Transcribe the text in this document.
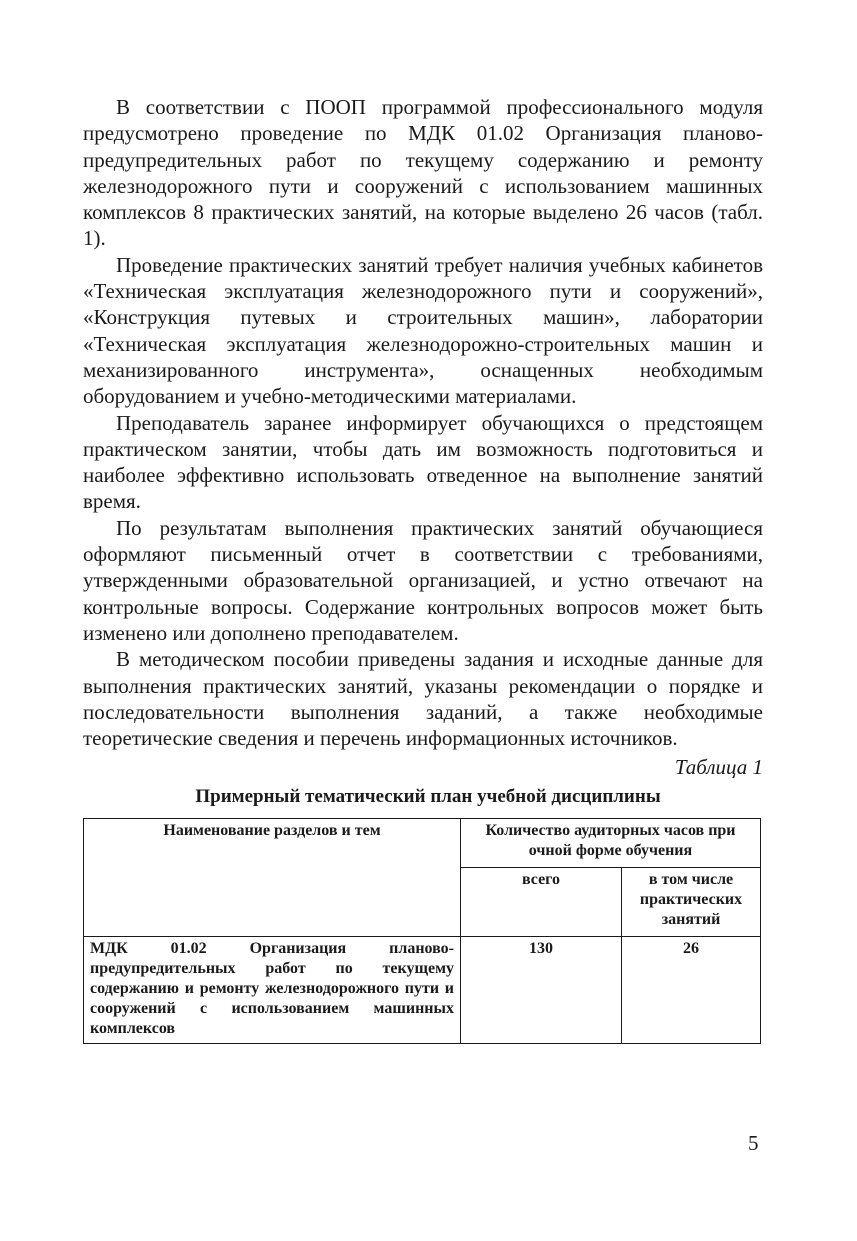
В соответствии с ПООП программой профессионального модуля предусмотрено проведение по МДК 01.02 Организация планово-предупредительных работ по текущему содержанию и ремонту железнодорожного пути и сооружений с использованием машинных комплексов 8 практических занятий, на которые выделено 26 часов (табл. 1).

Проведение практических занятий требует наличия учебных кабинетов «Техническая эксплуатация железнодорожного пути и сооружений», «Конструкция путевых и строительных машин», лаборатории «Техническая эксплуатация железнодорожно-строительных машин и механизированного инструмента», оснащенных необходимым оборудованием и учебно-методическими материалами.

Преподаватель заранее информирует обучающихся о предстоящем практическом занятии, чтобы дать им возможность подготовиться и наиболее эффективно использовать отведенное на выполнение занятий время.

По результатам выполнения практических занятий обучающиеся оформляют письменный отчет в соответствии с требованиями, утвержденными образовательной организацией, и устно отвечают на контрольные вопросы. Содержание контрольных вопросов может быть изменено или дополнено преподавателем.

В методическом пособии приведены задания и исходные данные для выполнения практических занятий, указаны рекомендации о порядке и последовательности выполнения заданий, а также необходимые теоретические сведения и перечень информационных источников.

Таблица 1
Примерный тематический план учебной дисциплины
Наименование разделов и тем	Количество аудиторных часов при очной форме обучения	
	всего	в том числе практических занятий
МДК 01.02 Организация планово-предупредительных работ по текущему содержанию и ремонту железнодорожного пути и сооружений с использованием машинных комплексов	130	26
5
